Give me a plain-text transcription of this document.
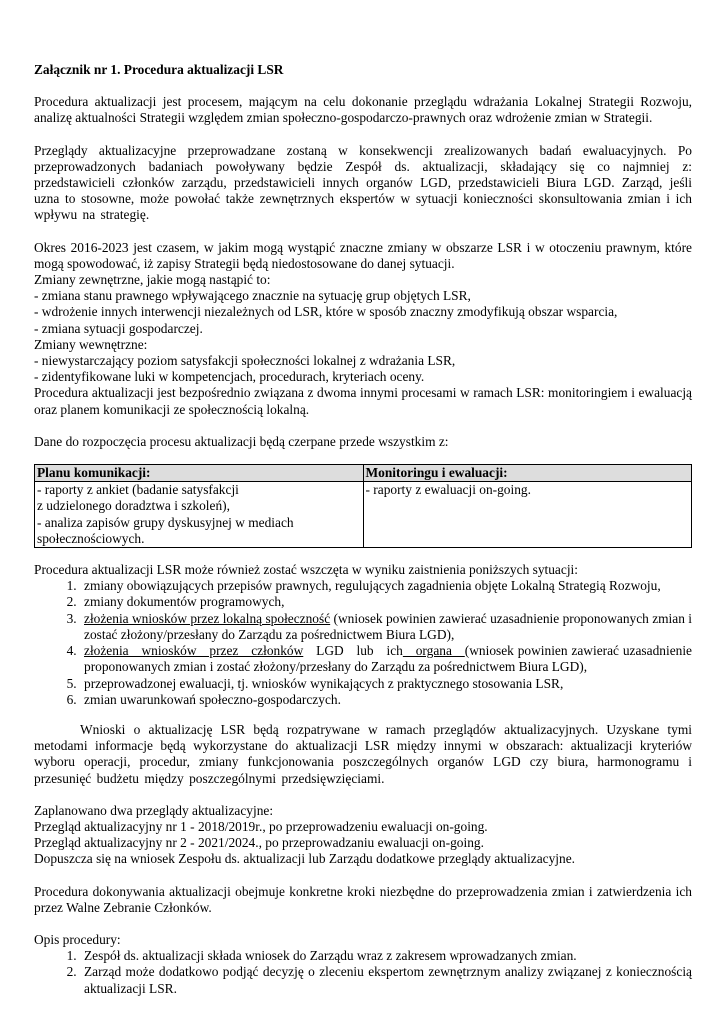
Załącznik nr 1. Procedura aktualizacji LSR

Procedura aktualizacji jest procesem, mającym na celu dokonanie przeglądu wdrażania Lokalnej Strategii Rozwoju, analizę aktualności Strategii względem zmian społeczno-gospodarczo-prawnych oraz wdrożenie zmian w Strategii.

Przeglądy aktualizacyjne przeprowadzane zostaną w konsekwencji zrealizowanych badań ewaluacyjnych. Po przeprowadzonych badaniach powoływany będzie Zespół ds. aktualizacji, składający się co najmniej z: przedstawicieli członków zarządu, przedstawicieli innych organów LGD, przedstawicieli Biura LGD. Zarząd, jeśli uzna to stosowne, może powołać także zewnętrznych ekspertów w sytuacji konieczności skonsultowania zmian i ich wpływu na strategię.

Okres 2016-2023 jest czasem, w jakim mogą wystąpić znaczne zmiany w obszarze LSR i w otoczeniu prawnym, które mogą spowodować, iż zapisy Strategii będą niedostosowane do danej sytuacji.

Zmiany zewnętrzne, jakie mogą nastąpić to:

- zmiana stanu prawnego wpływającego znacznie na sytuację grup objętych LSR,

- wdrożenie innych interwencji niezależnych od LSR, które w sposób znaczny zmodyfikują obszar wsparcia,

- zmiana sytuacji gospodarczej.

Zmiany wewnętrzne:

- niewystarczający poziom satysfakcji społeczności lokalnej z wdrażania LSR,

- zidentyfikowane luki w kompetencjach, procedurach, kryteriach oceny.

Procedura aktualizacji jest bezpośrednio związana z dwoma innymi procesami w ramach LSR: monitoringiem i ewaluacją oraz planem komunikacji ze społecznością lokalną.

Dane do rozpoczęcia procesu aktualizacji będą czerpane przede wszystkim z:

Planu komunikacji:	Monitoringu i ewaluacji:

- raporty z ankiet (badanie satysfakcji
z udzielonego doradztwa i szkoleń),
- analiza zapisów grupy dyskusyjnej w mediach
społecznościowych.	- raporty z ewaluacji on-going.

Procedura aktualizacji LSR może również zostać wszczęta w wyniku zaistnienia poniższych sytuacji:

1. zmiany obowiązujących przepisów prawnych, regulujących zagadnienia objęte Lokalną Strategią Rozwoju,
2. zmiany dokumentów programowych,
3. złożenia wniosków przez lokalną społeczność (wniosek powinien zawierać uzasadnienie proponowanych zmian i zostać złożony/przesłany do Zarządu za pośrednictwem Biura LGD),
4. złożenia wniosków przez członków LGD lub ich organa (wniosek powinien zawierać uzasadnienie proponowanych zmian i zostać złożony/przesłany do Zarządu za pośrednictwem Biura LGD),
5. przeprowadzonej ewaluacji, tj. wniosków wynikających z praktycznego stosowania LSR,
6. zmian uwarunkowań społeczno-gospodarczych.

Wnioski o aktualizację LSR będą rozpatrywane w ramach przeglądów aktualizacyjnych. Uzyskane tymi metodami informacje będą wykorzystane do aktualizacji LSR między innymi w obszarach: aktualizacji kryteriów wyboru operacji, procedur, zmiany funkcjonowania poszczególnych organów LGD czy biura, harmonogramu i przesunięć budżetu między poszczególnymi przedsięwzięciami.

Zaplanowano dwa przeglądy aktualizacyjne:

Przegląd aktualizacyjny nr 1 - 2018/2019r., po przeprowadzeniu ewaluacji on-going.

Przegląd aktualizacyjny nr 2 - 2021/2024., po przeprowadzaniu ewaluacji on-going.

Dopuszcza się na wniosek Zespołu ds. aktualizacji lub Zarządu dodatkowe przeglądy aktualizacyjne.

Procedura dokonywania aktualizacji obejmuje konkretne kroki niezbędne do przeprowadzenia zmian i zatwierdzenia ich przez Walne Zebranie Członków.

Opis procedury:

1. Zespół ds. aktualizacji składa wniosek do Zarządu wraz z zakresem wprowadzanych zmian.
2. Zarząd może dodatkowo podjąć decyzję o zleceniu ekspertom zewnętrznym analizy związanej z koniecznością aktualizacji LSR.
